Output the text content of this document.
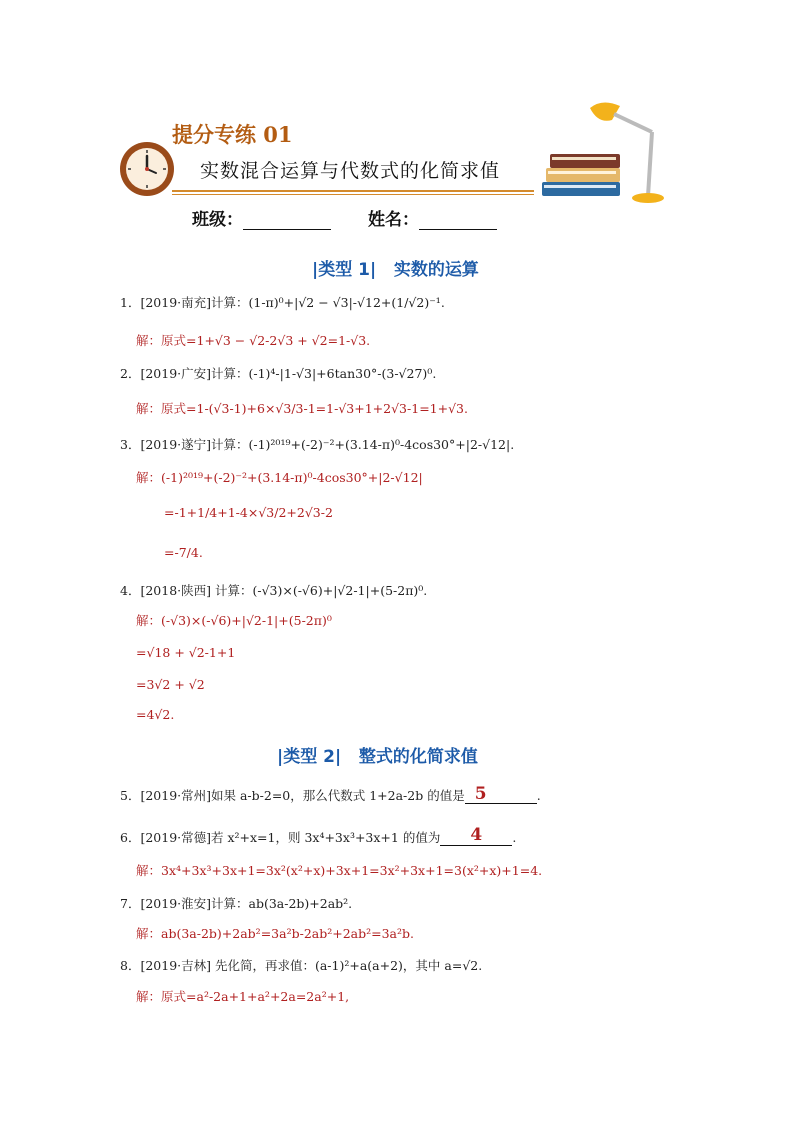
提分专练 01
实数混合运算与代数式的化简求值
班级：	姓名：
|类型 1|   实数的运算
1．[2019·南充]计算：(1-π)⁰+|√2 − √3|-√12+(1/√2)⁻¹.
解：原式=1+√3 − √2-2√3 + √2=1-√3.
2．[2019·广安]计算：(-1)⁴-|1-√3|+6tan30°-(3-√27)⁰.
解：原式=1-(√3-1)+6×√3/3-1=1-√3+1+2√3-1=1+√3.
3．[2019·遂宁]计算：(-1)²⁰¹⁹+(-2)⁻²+(3.14-π)⁰-4cos30°+|2-√12|.
解：(-1)²⁰¹⁹+(-2)⁻²+(3.14-π)⁰-4cos30°+|2-√12|
=-1+1/4+1-4×√3/2+2√3-2
=-7/4.
4．[2018·陕西] 计算：(-√3)×(-√6)+|√2-1|+(5-2π)⁰.
解：(-√3)×(-√6)+|√2-1|+(5-2π)⁰
=√18 + √2-1+1
=3√2 + √2
=4√2.
|类型 2|   整式的化简求值
5．[2019·常州]如果 a-b-2=0，那么代数式 1+2a-2b 的值是 5	.
6．[2019·常德]若 x²+x=1，则 3x⁴+3x³+3x+1 的值为 4 .
解：3x⁴+3x³+3x+1=3x²(x²+x)+3x+1=3x²+3x+1=3(x²+x)+1=4.
7．[2019·淮安]计算：ab(3a-2b)+2ab².
解：ab(3a-2b)+2ab²=3a²b-2ab²+2ab²=3a²b.
8．[2019·吉林] 先化简，再求值：(a-1)²+a(a+2)，其中 a=√2.
解：原式=a²-2a+1+a²+2a=2a²+1,
